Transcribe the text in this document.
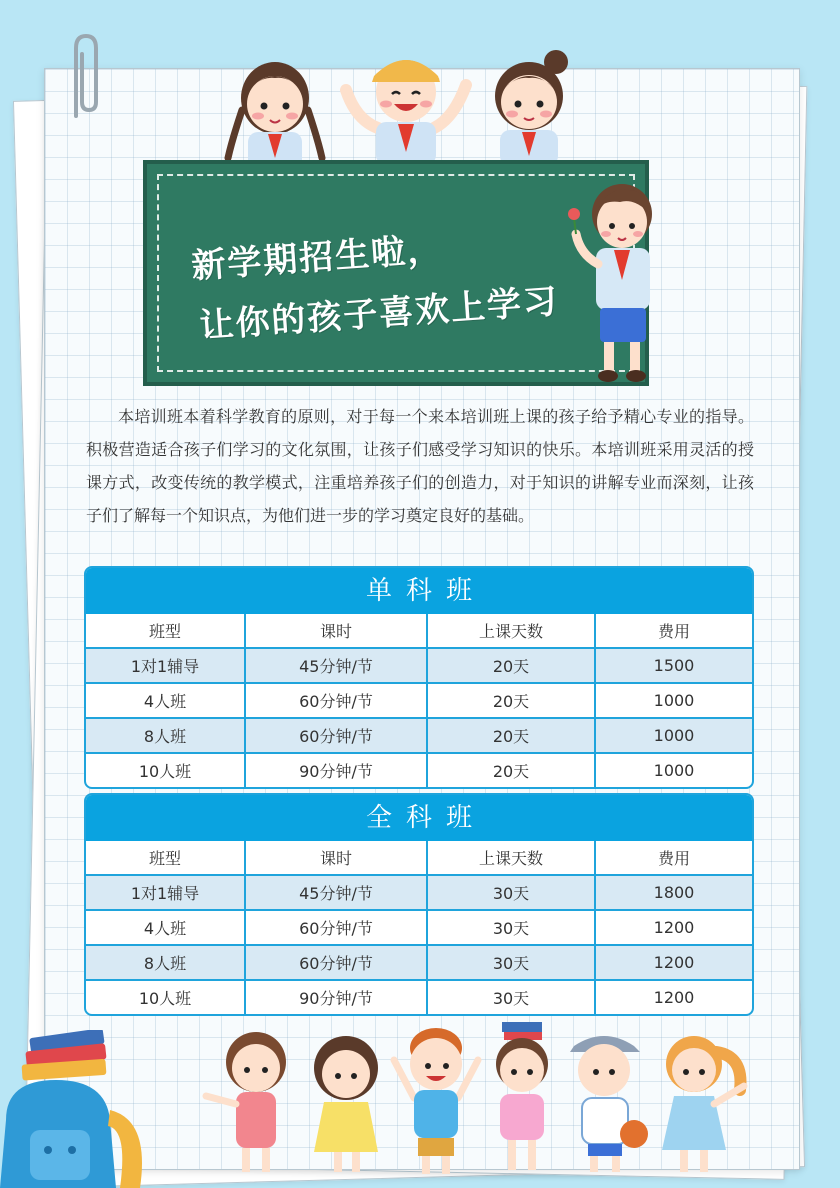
新学期招生啦，
让你的孩子喜欢上学习
本培训班本着科学教育的原则，对于每一个来本培训班上课的孩子给予精心专业的指导。积极营造适合孩子们学习的文化氛围，让孩子们感受学习知识的快乐。本培训班采用灵活的授课方式，改变传统的教学模式，注重培养孩子们的创造力，对于知识的讲解专业而深刻，让孩子们了解每一个知识点，为他们进一步的学习奠定良好的基础。
单科班
班型	课时	上课天数	费用
1对1辅导	45分钟/节	20天	1500
4人班	60分钟/节	20天	1000
8人班	60分钟/节	20天	1000
10人班	90分钟/节	20天	1000
全科班
班型	课时	上课天数	费用
1对1辅导	45分钟/节	30天	1800
4人班	60分钟/节	30天	1200
8人班	60分钟/节	30天	1200
10人班	90分钟/节	30天	1200
